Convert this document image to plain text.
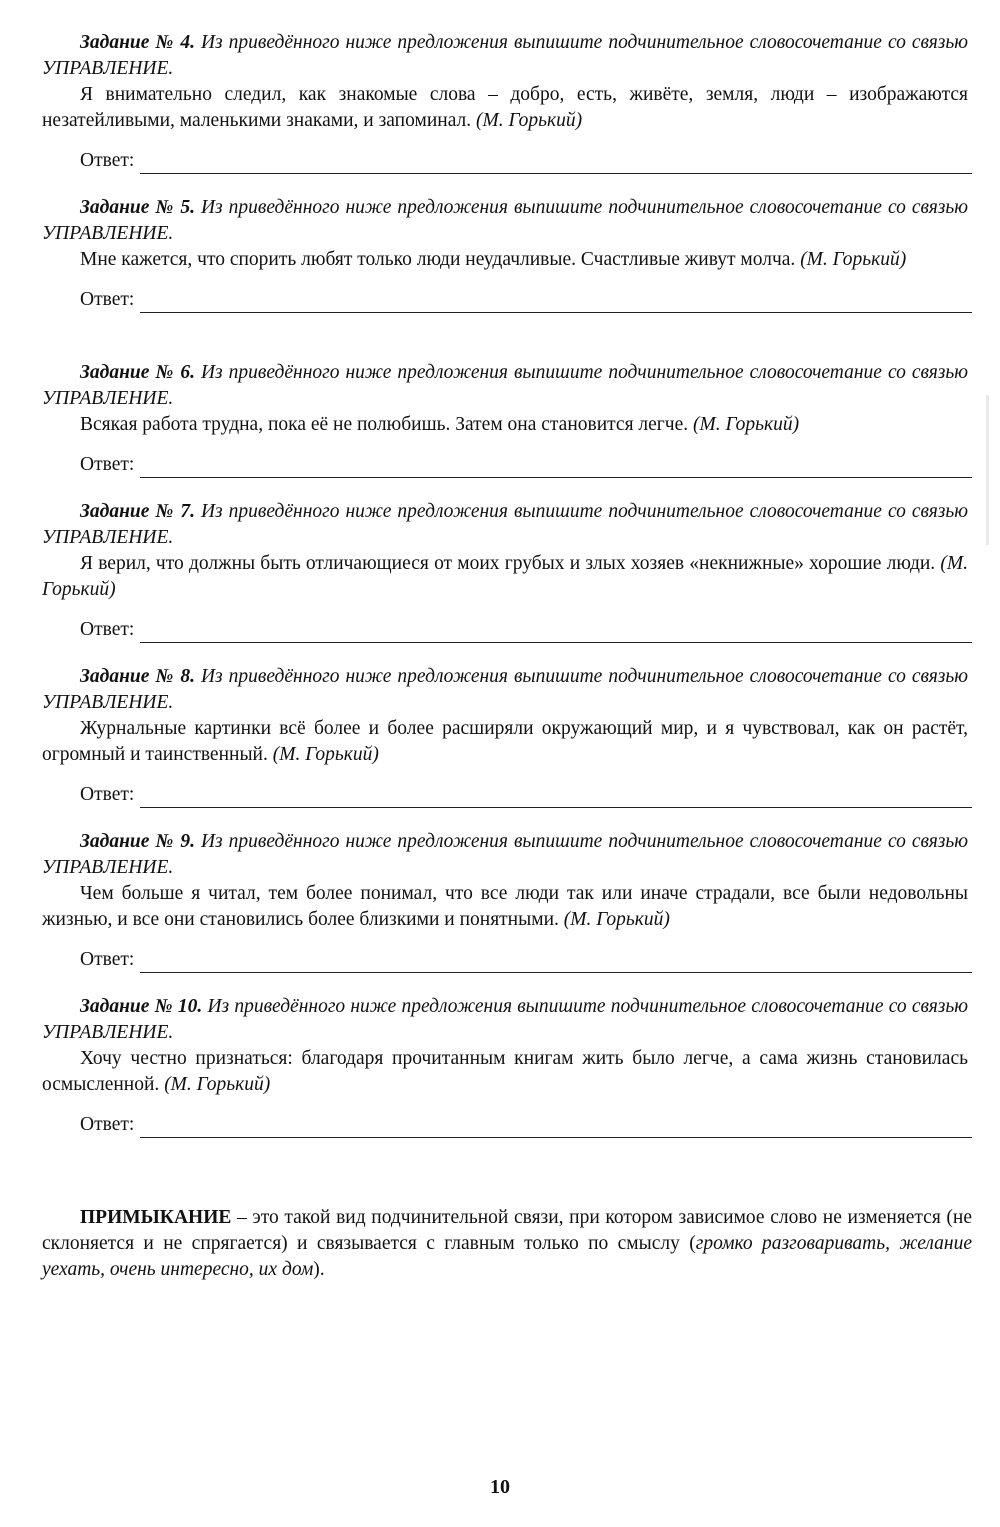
Задание № 4. Из приведённого ниже предложения выпишите подчинительное словосочетание со связью УПРАВЛЕНИЕ.

Я внимательно следил, как знакомые слова – добро, есть, живёте, земля, люди – изображаются незатейливыми, маленькими знаками, и запоминал. (М. Горький)

Ответ:

Задание № 5. Из приведённого ниже предложения выпишите подчинительное словосочетание со связью УПРАВЛЕНИЕ.

Мне кажется, что спорить любят только люди неудачливые. Счастливые живут молча. (М. Горький)

Ответ:

Задание № 6. Из приведённого ниже предложения выпишите подчинительное словосочетание со связью УПРАВЛЕНИЕ.

Всякая работа трудна, пока её не полюбишь. Затем она становится легче. (М. Горький)

Ответ:

Задание № 7. Из приведённого ниже предложения выпишите подчинительное словосочетание со связью УПРАВЛЕНИЕ.

Я верил, что должны быть отличающиеся от моих грубых и злых хозяев «некнижные» хорошие люди. (М. Горький)

Ответ:

Задание № 8. Из приведённого ниже предложения выпишите подчинительное словосочетание со связью УПРАВЛЕНИЕ.

Журнальные картинки всё более и более расширяли окружающий мир, и я чувствовал, как он растёт, огромный и таинственный. (М. Горький)

Ответ:

Задание № 9. Из приведённого ниже предложения выпишите подчинительное словосочетание со связью УПРАВЛЕНИЕ.

Чем больше я читал, тем более понимал, что все люди так или иначе страдали, все были недовольны жизнью, и все они становились более близкими и понятными. (М. Горький)

Ответ:

Задание № 10. Из приведённого ниже предложения выпишите подчинительное словосочетание со связью УПРАВЛЕНИЕ.

Хочу честно признаться: благодаря прочитанным книгам жить было легче, а сама жизнь становилась осмысленной. (М. Горький)

Ответ:

ПРИМЫКАНИЕ – это такой вид подчинительной связи, при котором зависимое слово не изменяется (не склоняется и не спрягается) и связывается с главным только по смыслу (громко разговаривать, желание уехать, очень интересно, их дом).

10
